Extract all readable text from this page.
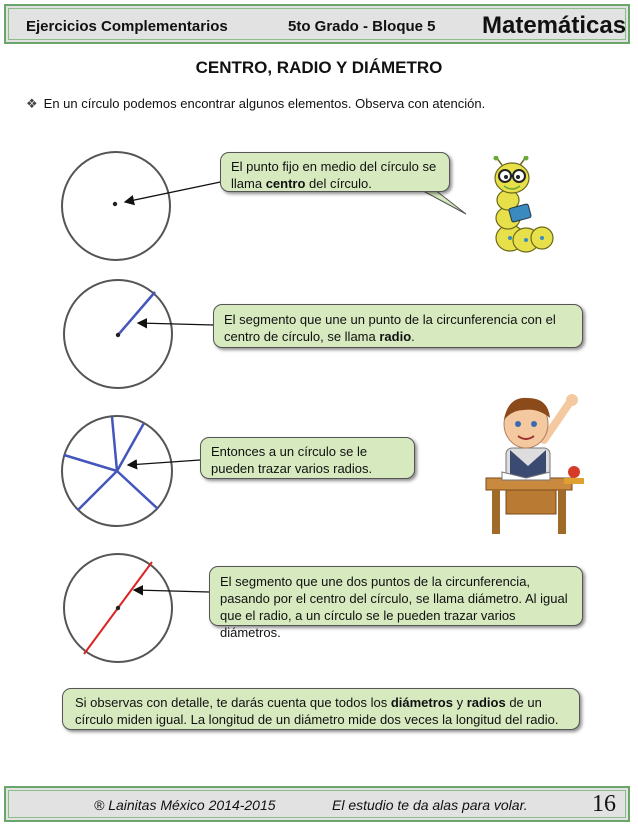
Ejercicios Complementarios	5to Grado - Bloque 5 Matemáticas
CENTRO, RADIO Y DIÁMETRO
❖ En un círculo podemos encontrar algunos elementos. Observa con atención.
El punto fijo en medio del círculo se llama centro del círculo.
El segmento que une un punto de la circunferencia con el centro de círculo, se llama radio.
Entonces a un círculo se le pueden trazar varios radios.
El segmento que une dos puntos de la circunferencia, pasando por el centro del círculo, se llama diámetro. Al igual que el radio, a un círculo se le pueden trazar varios diámetros.
Si observas con detalle, te darás cuenta que todos los diámetros y radios de un círculo miden igual. La longitud de un diámetro mide dos veces la longitud del radio.
® Lainitas México 2014-2015	El estudio te da alas para volar.	16
